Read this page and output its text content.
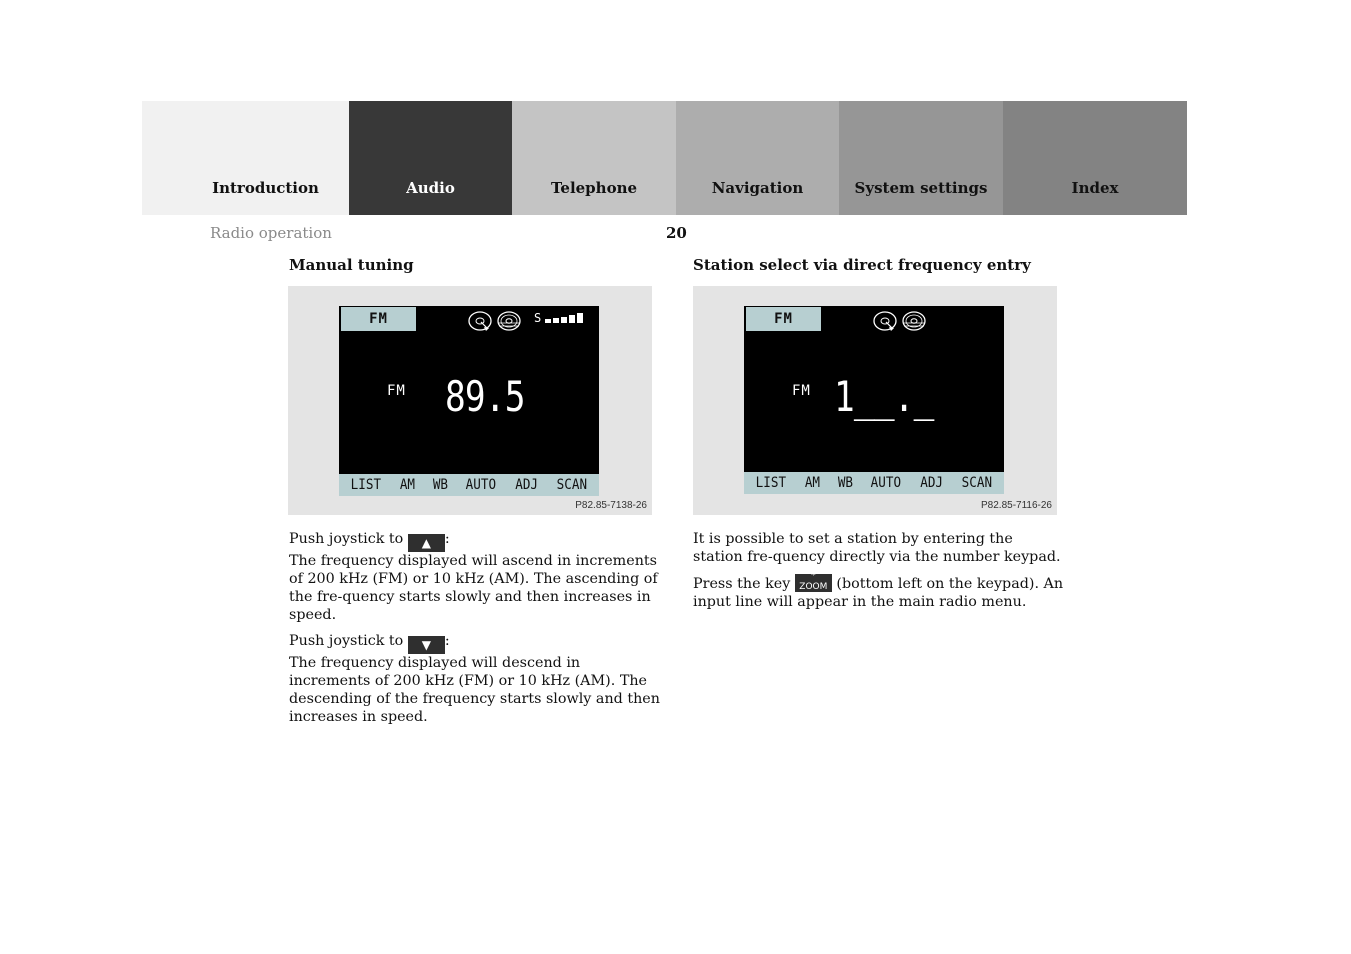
Introduction	Audio	Telephone	Navigation	System settings	Index
Radio operation	20
Manual tuning
FM	S
FM 89.5
LIST AM WB AUTO ADJ SCAN
P82.85-7138-26

Push joystick to ▲ :
The frequency displayed will ascend in increments of 200 kHz (FM) or 10 kHz (AM). The ascending of the fre-quency starts slowly and then increases in speed.

Push joystick to ▼ :
The frequency displayed will descend in increments of 200 kHz (FM) or 10 kHz (AM). The descending of the frequency starts slowly and then increases in speed.

Station select via direct frequency entry
FM
FM 1__._
LIST AM WB AUTO ADJ SCAN
P82.85-7116-26

It is possible to set a station by entering the station fre-quency directly via the number keypad.

Press the key	*
ZOOM (bottom left on the keypad). An input line will appear in the main radio menu.
